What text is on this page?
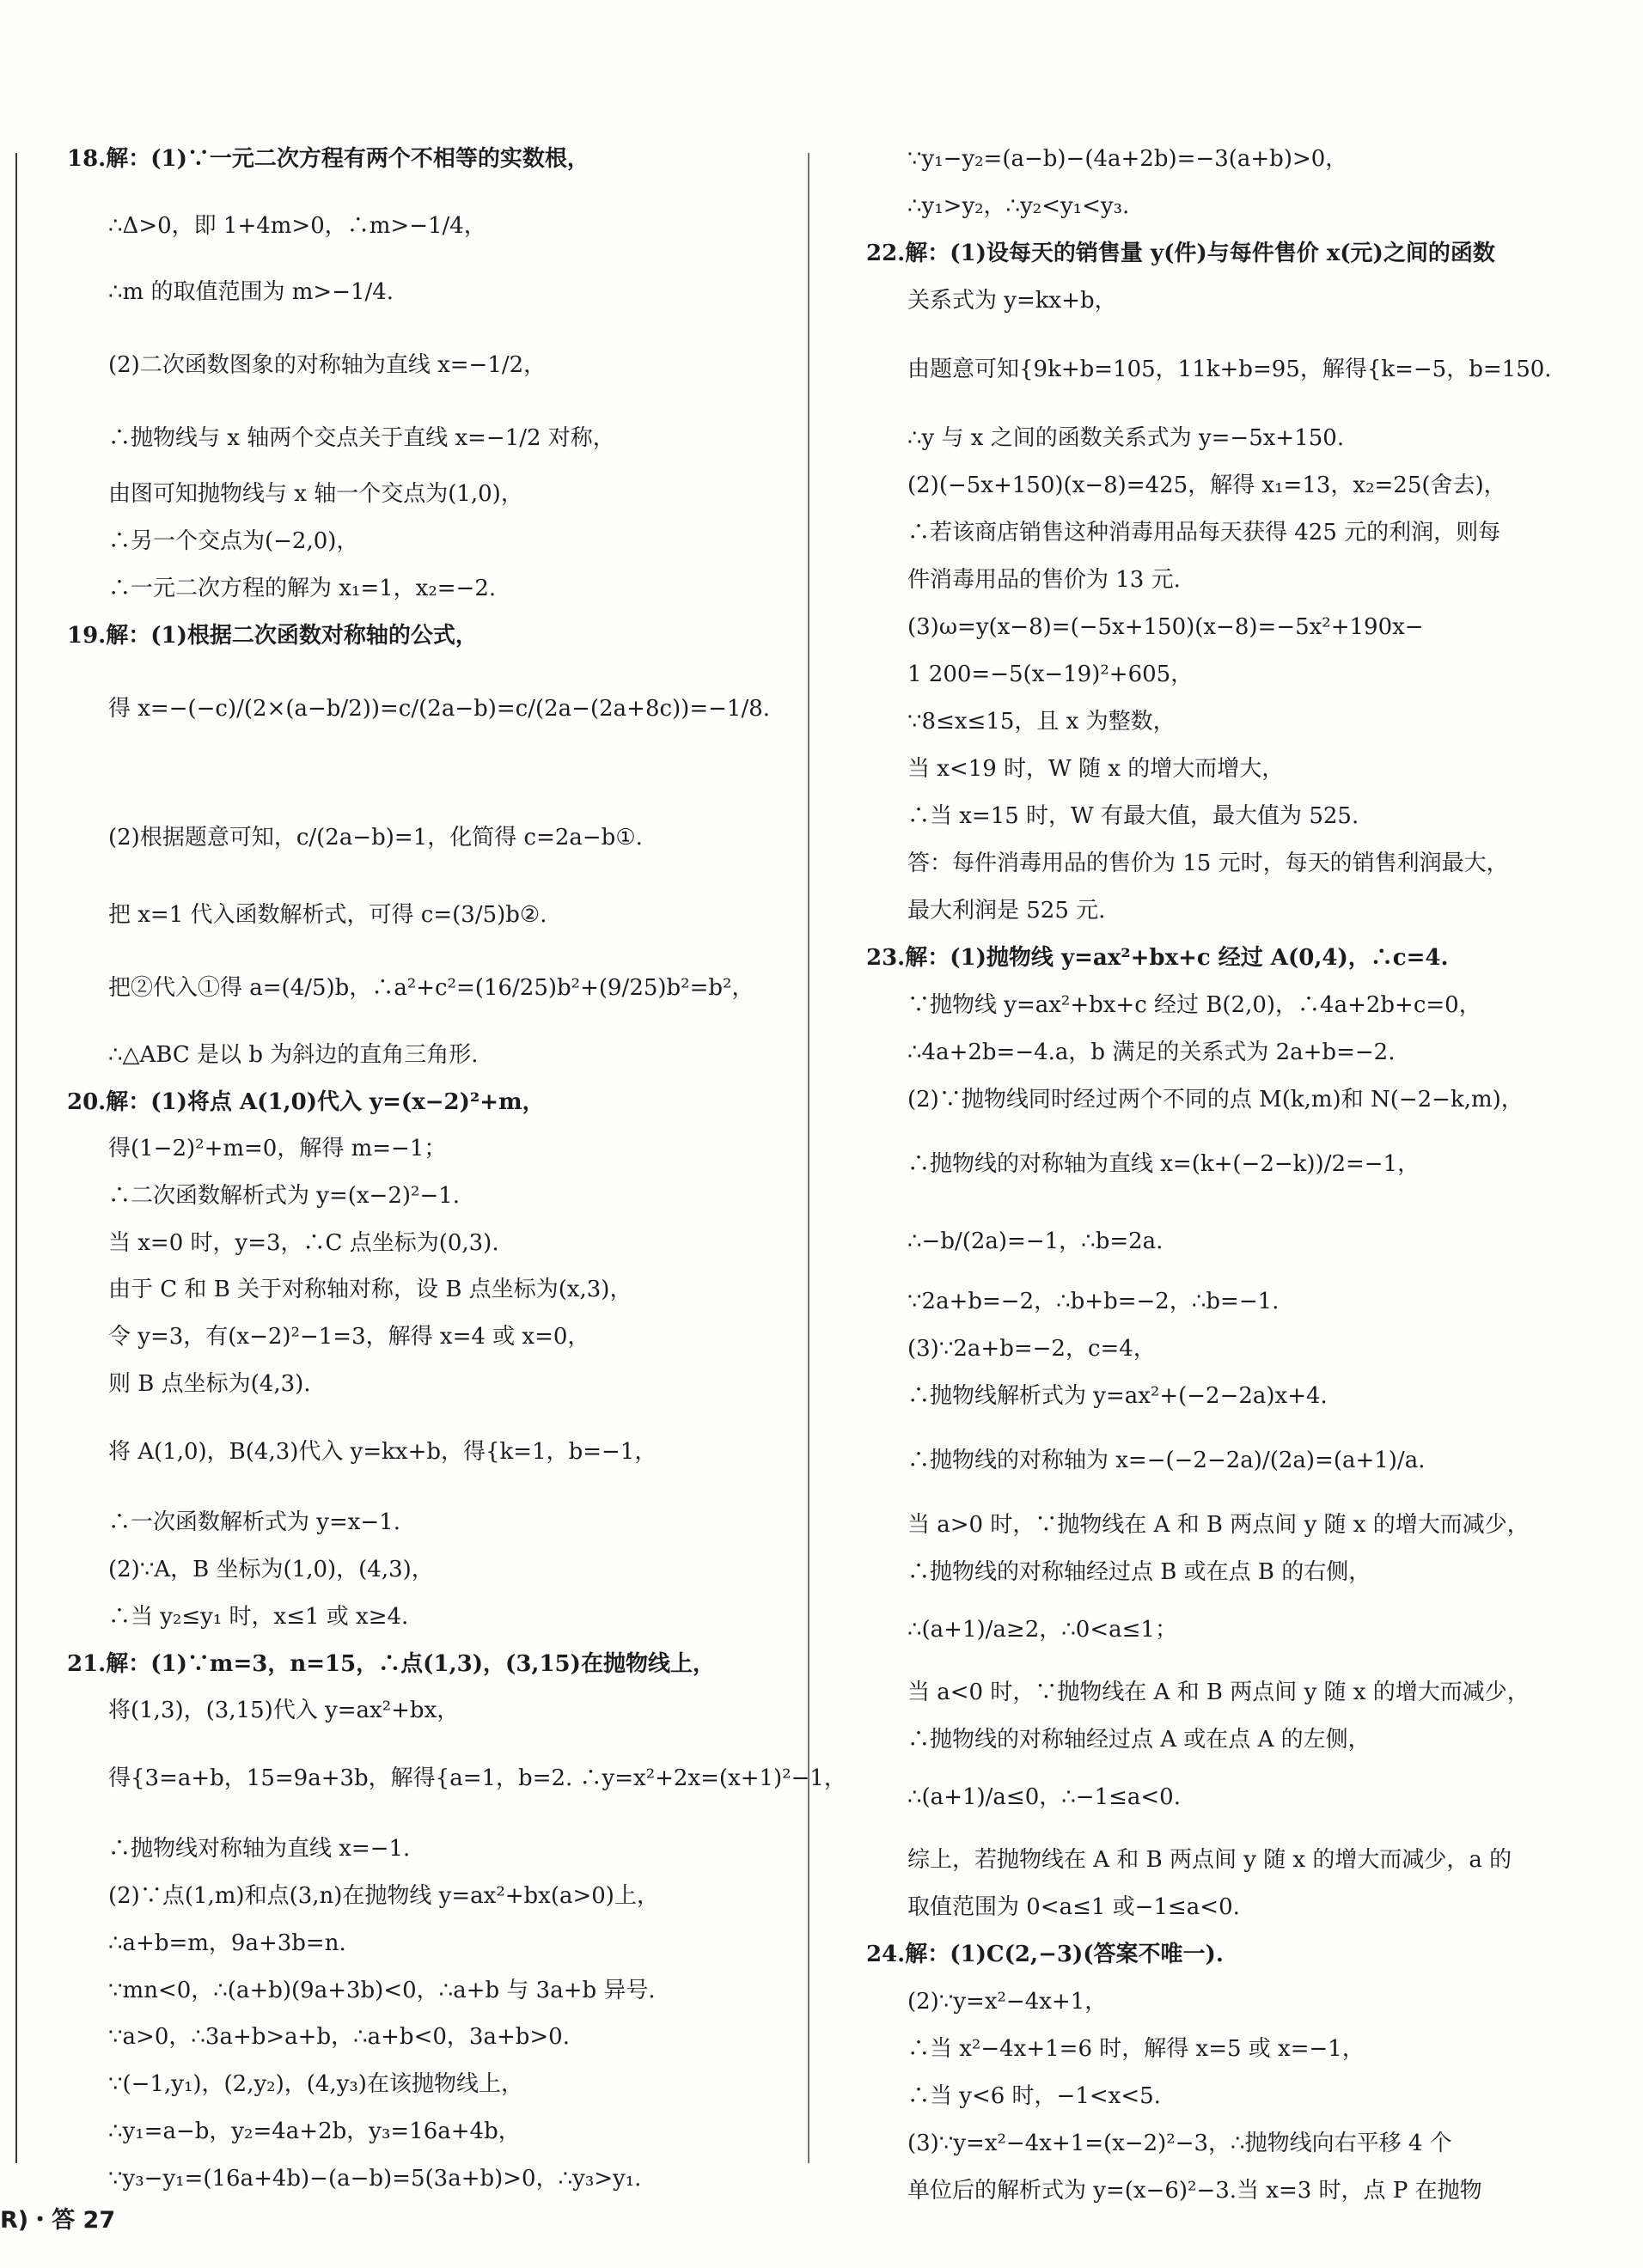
18.解：(1)∵一元二次方程有两个不相等的实数根，
∴Δ>0，即 1+4m>0，∴m>−1/4，
∴m 的取值范围为 m>−1/4.
(2)二次函数图象的对称轴为直线 x=−1/2，
∴抛物线与 x 轴两个交点关于直线 x=−1/2 对称，
由图可知抛物线与 x 轴一个交点为(1,0)，
∴另一个交点为(−2,0)，
∴一元二次方程的解为 x₁=1，x₂=−2.
19.解：(1)根据二次函数对称轴的公式，
得 x=−(−c)/(2×(a−b/2))=c/(2a−b)=c/(2a−(2a+8c))=−1/8.
(2)根据题意可知，c/(2a−b)=1，化简得 c=2a−b①.
把 x=1 代入函数解析式，可得 c=(3/5)b②.
把②代入①得 a=(4/5)b，∴a²+c²=(16/25)b²+(9/25)b²=b²，
∴△ABC 是以 b 为斜边的直角三角形.
20.解：(1)将点 A(1,0)代入 y=(x−2)²+m，
得(1−2)²+m=0，解得 m=−1；
∴二次函数解析式为 y=(x−2)²−1.
当 x=0 时，y=3，∴C 点坐标为(0,3).
由于 C 和 B 关于对称轴对称，设 B 点坐标为(x,3)，
令 y=3，有(x−2)²−1=3，解得 x=4 或 x=0，
则 B 点坐标为(4,3).
将 A(1,0)，B(4,3)代入 y=kx+b，得{k=1，b=−1，
∴一次函数解析式为 y=x−1.
(2)∵A，B 坐标为(1,0)，(4,3)，
∴当 y₂≤y₁ 时，x≤1 或 x≥4.
21.解：(1)∵m=3，n=15，∴点(1,3)，(3,15)在抛物线上，
将(1,3)，(3,15)代入 y=ax²+bx，
得{3=a+b，15=9a+3b，解得{a=1，b=2. ∴y=x²+2x=(x+1)²−1，
∴抛物线对称轴为直线 x=−1.
(2)∵点(1,m)和点(3,n)在抛物线 y=ax²+bx(a>0)上，
∴a+b=m，9a+3b=n.
∵mn<0，∴(a+b)(9a+3b)<0，∴a+b 与 3a+b 异号.
∵a>0，∴3a+b>a+b，∴a+b<0，3a+b>0.
∵(−1,y₁)，(2,y₂)，(4,y₃)在该抛物线上，
∴y₁=a−b，y₂=4a+2b，y₃=16a+4b，
∵y₃−y₁=(16a+4b)−(a−b)=5(3a+b)>0，∴y₃>y₁.
∵y₁−y₂=(a−b)−(4a+2b)=−3(a+b)>0，
∴y₁>y₂，∴y₂<y₁<y₃.
22.解：(1)设每天的销售量 y(件)与每件售价 x(元)之间的函数
关系式为 y=kx+b，
由题意可知{9k+b=105，11k+b=95，解得{k=−5，b=150.
∴y 与 x 之间的函数关系式为 y=−5x+150.
(2)(−5x+150)(x−8)=425，解得 x₁=13，x₂=25(舍去)，
∴若该商店销售这种消毒用品每天获得 425 元的利润，则每
件消毒用品的售价为 13 元.
(3)ω=y(x−8)=(−5x+150)(x−8)=−5x²+190x−
1 200=−5(x−19)²+605，
∵8≤x≤15，且 x 为整数，
当 x<19 时，W 随 x 的增大而增大，
∴当 x=15 时，W 有最大值，最大值为 525.
答：每件消毒用品的售价为 15 元时，每天的销售利润最大，
最大利润是 525 元.
23.解：(1)抛物线 y=ax²+bx+c 经过 A(0,4)，∴c=4.
∵抛物线 y=ax²+bx+c 经过 B(2,0)，∴4a+2b+c=0，
∴4a+2b=−4.a，b 满足的关系式为 2a+b=−2.
(2)∵抛物线同时经过两个不同的点 M(k,m)和 N(−2−k,m)，
∴抛物线的对称轴为直线 x=(k+(−2−k))/2=−1，
∴−b/(2a)=−1，∴b=2a.
∵2a+b=−2，∴b+b=−2，∴b=−1.
(3)∵2a+b=−2，c=4，
∴抛物线解析式为 y=ax²+(−2−2a)x+4.
∴抛物线的对称轴为 x=−(−2−2a)/(2a)=(a+1)/a.
当 a>0 时，∵抛物线在 A 和 B 两点间 y 随 x 的增大而减少，
∴抛物线的对称轴经过点 B 或在点 B 的右侧，
∴(a+1)/a≥2，∴0<a≤1；
当 a<0 时，∵抛物线在 A 和 B 两点间 y 随 x 的增大而减少，
∴抛物线的对称轴经过点 A 或在点 A 的左侧，
∴(a+1)/a≤0，∴−1≤a<0.
综上，若抛物线在 A 和 B 两点间 y 随 x 的增大而减少，a 的
取值范围为 0<a≤1 或−1≤a<0.
24.解：(1)C(2,−3)(答案不唯一).
(2)∵y=x²−4x+1，
∴当 x²−4x+1=6 时，解得 x=5 或 x=−1，
∴当 y<6 时，−1<x<5.
(3)∵y=x²−4x+1=(x−2)²−3，∴抛物线向右平移 4 个
单位后的解析式为 y=(x−6)²−3.当 x=3 时，点 P 在抛物
R)・答 27
